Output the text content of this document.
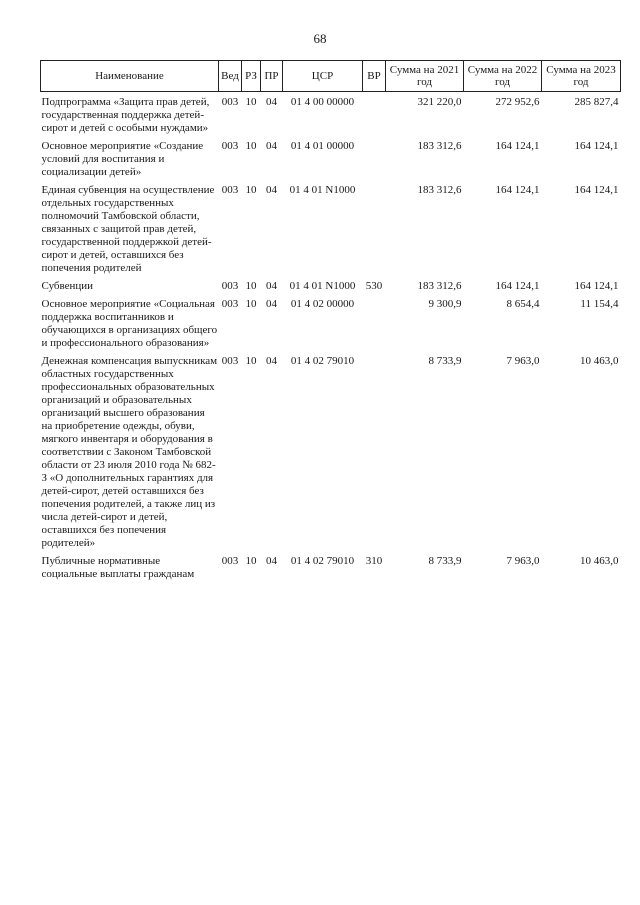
68
Наименование	Вед	РЗ	ПР	ЦСР	ВР	Сумма на 2021 год	Сумма на 2022 год	Сумма на 2023 год
Подпрограмма «Защита прав детей, государственная поддержка детей-сирот и детей с особыми нуждами»	003	10	04	01 4 00 00000		321 220,0	272 952,6	285 827,4
Основное мероприятие «Создание условий для воспитания и социализации детей»	003	10	04	01 4 01 00000		183 312,6	164 124,1	164 124,1
Единая субвенция на осуществление отдельных государственных полномочий Тамбовской области, связанных с защитой прав детей, государственной поддержкой детей-сирот и детей, оставшихся без попечения родителей	003	10	04	01 4 01 N1000		183 312,6	164 124,1	164 124,1
Субвенции	003	10	04	01 4 01 N1000	530	183 312,6	164 124,1	164 124,1
Основное мероприятие «Социальная поддержка воспитанников и обучающихся в организациях общего и профессионального образования»	003	10	04	01 4 02 00000		9 300,9	8 654,4	11 154,4
Денежная компенсация выпускникам областных государственных профессиональных образовательных организаций и образовательных организаций высшего образования на приобретение одежды, обуви, мягкого инвентаря и оборудования в соответствии с Законом Тамбовской области от 23 июля 2010 года № 682-З «О дополнительных гарантиях для детей-сирот, детей оставшихся без попечения родителей, а также лиц из числа детей-сирот и детей, оставшихся без попечения родителей»	003	10	04	01 4 02 79010		8 733,9	7 963,0	10 463,0
Публичные нормативные социальные выплаты гражданам	003	10	04	01 4 02 79010	310	8 733,9	7 963,0	10 463,0
